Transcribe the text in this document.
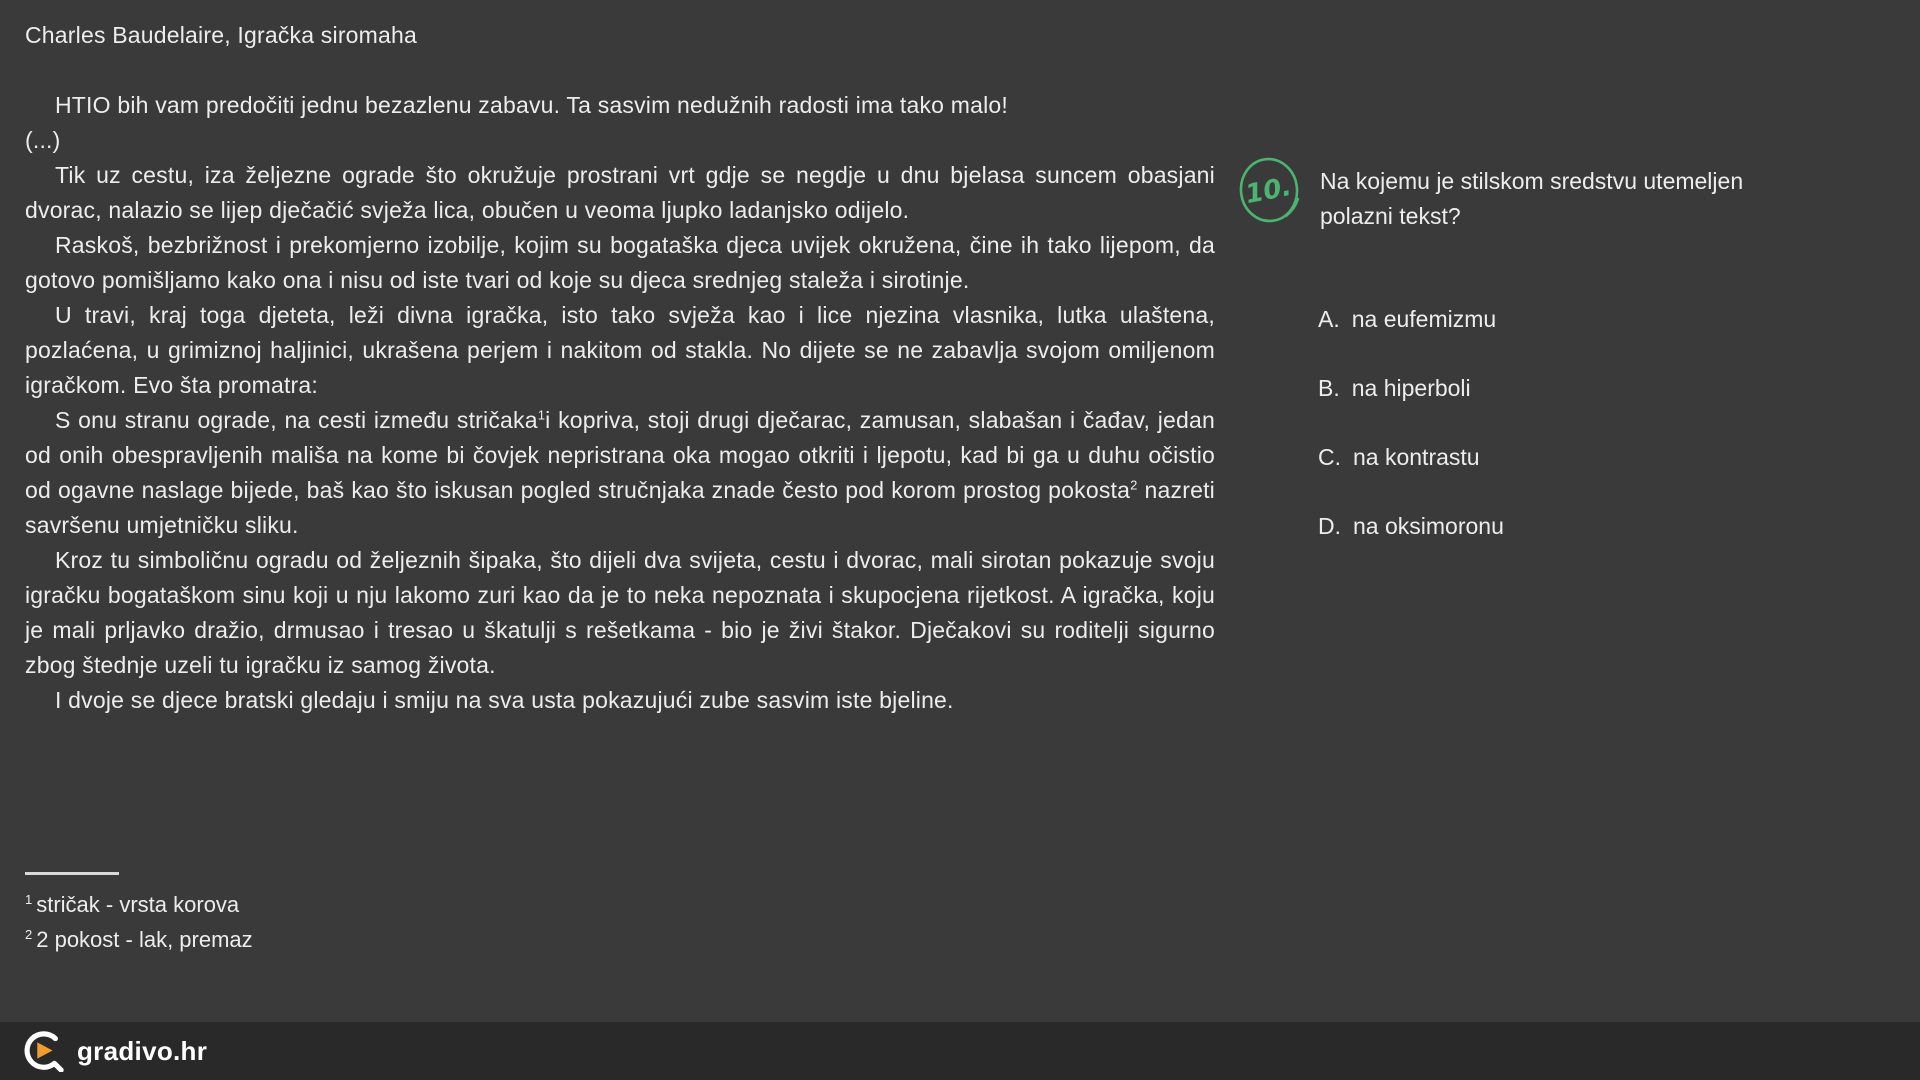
Charles Baudelaire, Igračka siromaha

HTIO bih vam predočiti jednu bezazlenu zabavu. Ta sasvim nedužnih radosti ima tako malo!

(...)

Tik uz cestu, iza željezne ograde što okružuje prostrani vrt gdje se negdje u dnu bjelasa suncem obasjani dvorac, nalazio se lijep dječačić svježa lica, obučen u veoma ljupko ladanjsko odijelo.

Raskoš, bezbrižnost i prekomjerno izobilje, kojim su bogataška djeca uvijek okružena, čine ih tako lijepom, da gotovo pomišljamo kako ona i nisu od iste tvari od koje su djeca srednjeg staleža i sirotinje.

U travi, kraj toga djeteta, leži divna igračka, isto tako svježa kao i lice njezina vlasnika, lutka ulaštena, pozlaćena, u grimiznoj haljinici, ukrašena perjem i nakitom od stakla. No dijete se ne zabavlja svojom omiljenom igračkom. Evo šta promatra:

S onu stranu ograde, na cesti između stričaka$^1$i kopriva, stoji drugi dječarac, zamusan, slabašan i čađav, jedan od onih obespravljenih mališa na kome bi čovjek nepristrana oka mogao otkriti i ljepotu, kad bi ga u duhu očistio od ogavne naslage bijede, baš kao što iskusan pogled stručnjaka znade često pod korom prostog pokosta$^2$ nazreti savršenu umjetničku sliku.

Kroz tu simboličnu ogradu od željeznih šipaka, što dijeli dva svijeta, cestu i dvorac, mali sirotan pokazuje svoju igračku bogataškom sinu koji u nju lakomo zuri kao da je to neka nepoznata i skupocjena rijetkost. A igračka, koju je mali prljavko dražio, drmusao i tresao u škatulji s rešetkama - bio je živi štakor. Dječakovi su roditelji sigurno zbog štednje uzeli tu igračku iz samog života.

I dvoje se djece bratski gledaju i smiju na sva usta pokazujući zube sasvim iste bjeline.

$^1$ stričak - vrsta korova
$^2$ 2 pokost - lak, premaz
10. Na kojemu je stilskom sredstvu utemeljen polazni tekst?
A. na eufemizmu
B. na hiperboli
C. na kontrastu
D. na oksimoronu
gradivo.hr
